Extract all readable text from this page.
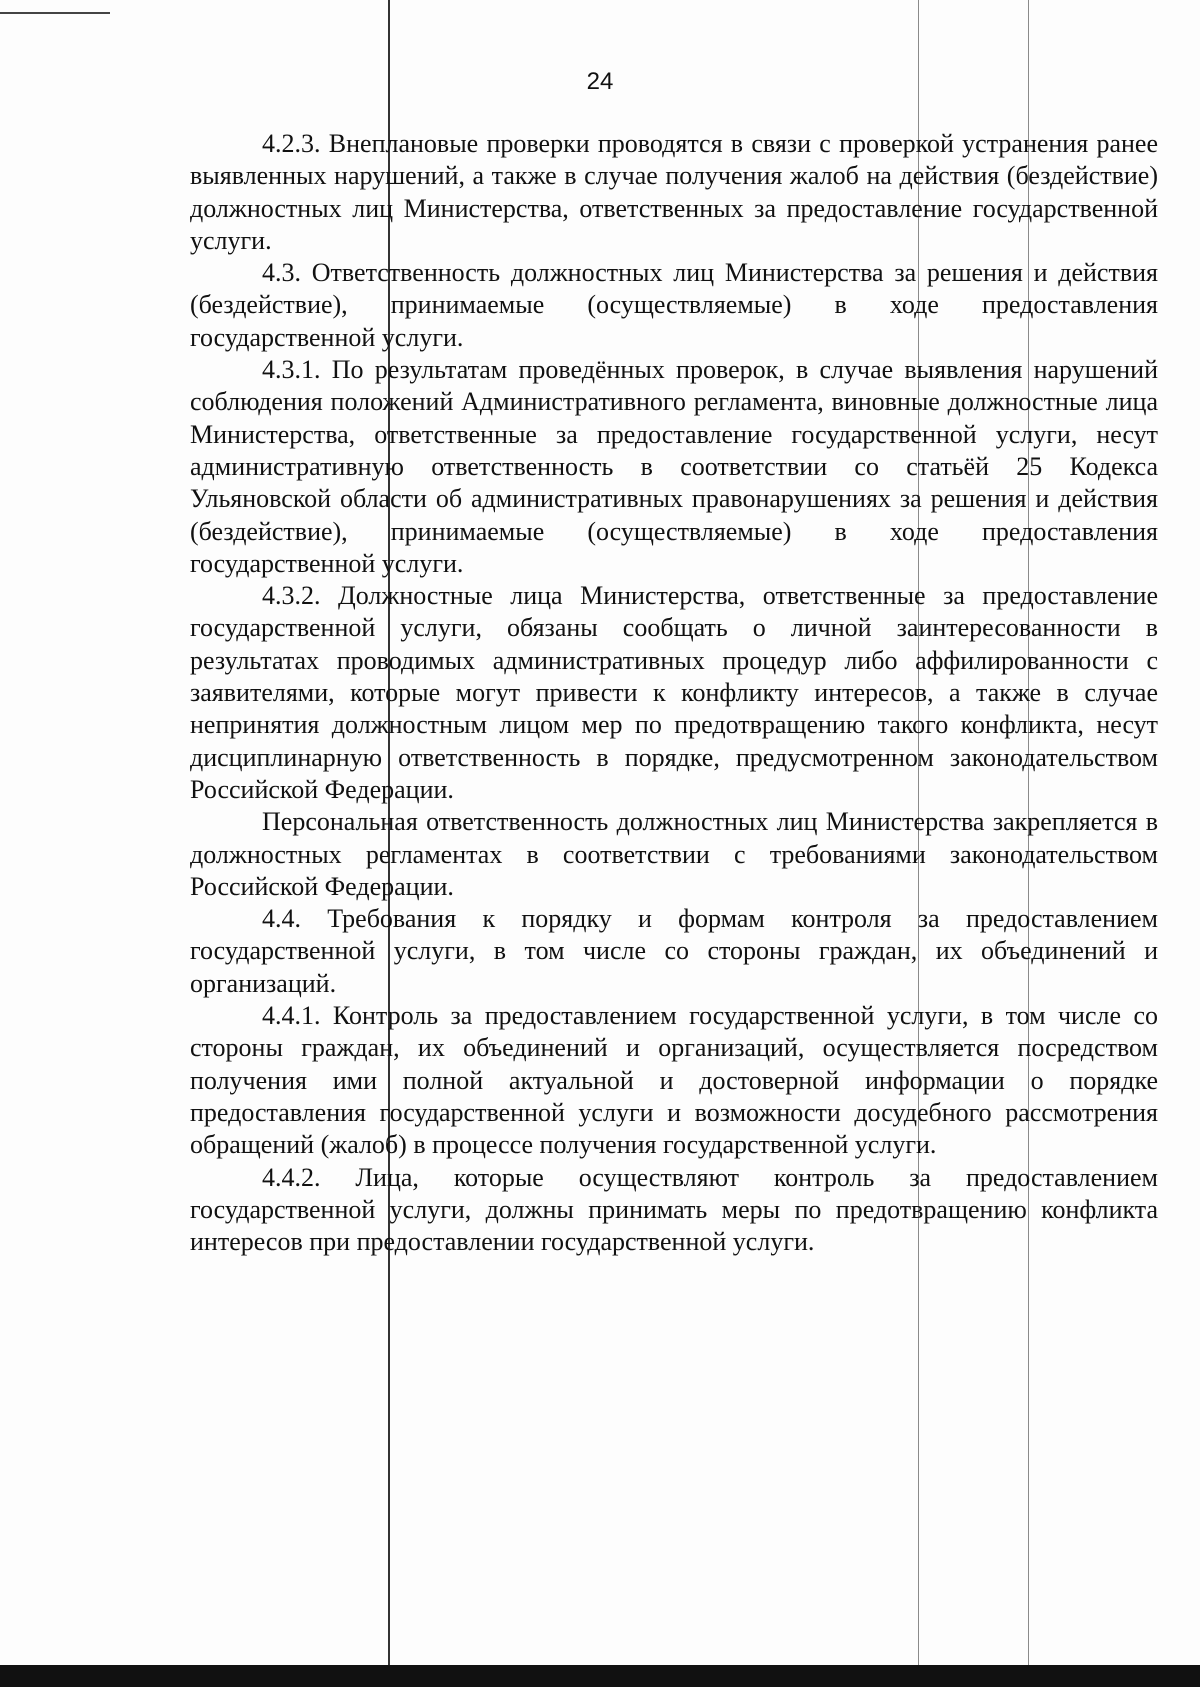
24

4.2.3. Внеплановые проверки проводятся в связи с проверкой устранения ранее выявленных нарушений, а также в случае получения жалоб на действия (бездействие) должностных лиц Министерства, ответственных за предоставление государственной услуги.

4.3. Ответственность должностных лиц Министерства за решения и действия (бездействие), принимаемые (осуществляемые) в ходе предоставления государственной услуги.

4.3.1. По результатам проведённых проверок, в случае выявления нарушений соблюдения положений Административного регламента, виновные должностные лица Министерства, ответственные за предоставление государственной услуги, несут административную ответственность в соответствии со статьёй 25 Кодекса Ульяновской области об административных правонарушениях за решения и действия (бездействие), принимаемые (осуществляемые) в ходе предоставления государственной услуги.

4.3.2. Должностные лица Министерства, ответственные за предоставление государственной услуги, обязаны сообщать о личной заинтересованности в результатах проводимых административных процедур либо аффилированности с заявителями, которые могут привести к конфликту интересов, а также в случае непринятия должностным лицом мер по предотвращению такого конфликта, несут дисциплинарную ответственность в порядке, предусмотренном законодательством Российской Федерации.

Персональная ответственность должностных лиц Министерства закрепляется в должностных регламентах в соответствии с требованиями законодательством Российской Федерации.

4.4. Требования к порядку и формам контроля за предоставлением государственной услуги, в том числе со стороны граждан, их объединений и организаций.

4.4.1. Контроль за предоставлением государственной услуги, в том числе со стороны граждан, их объединений и организаций, осуществляется посредством получения ими полной актуальной и достоверной информации о порядке предоставления государственной услуги и возможности досудебного рассмотрения обращений (жалоб) в процессе получения государственной услуги.

4.4.2. Лица, которые осуществляют контроль за предоставлением государственной услуги, должны принимать меры по предотвращению конфликта интересов при предоставлении государственной услуги.
